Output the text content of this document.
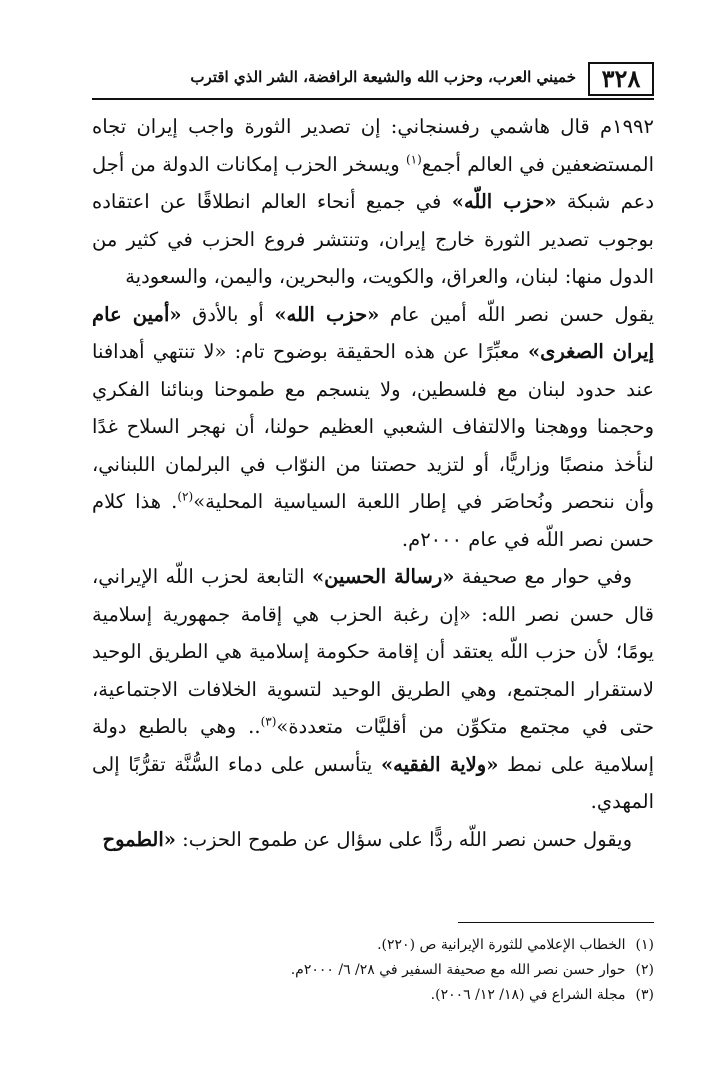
٣٢٨
خميني العرب، وحزب الله والشيعة الرافضة، الشر الذي اقترب

١٩٩٢م قال هاشمي رفسنجاني: إن تصدير الثورة واجب إيران تجاه المستضعفين في العالم أجمع$^{(١)}$ ويسخر الحزب إمكانات الدولة من أجل دعم شبكة «حزب اللّه» في جميع أنحاء العالم انطلاقًا عن اعتقاده بوجوب تصدير الثورة خارج إيران، وتنتشر فروع الحزب في كثير من الدول منها: لبنان، والعراق، والكويت، والبحرين، واليمن، والسعودية

يقول حسن نصر اللّه أمين عام «حزب الله» أو بالأدق «أمين عام إيران الصغرى» معبِّرًا عن هذه الحقيقة بوضوح تام: «لا تنتهي أهدافنا عند حدود لبنان مع فلسطين، ولا ينسجم مع طموحنا وبنائنا الفكري وحجمنا ووهجنا والالتفاف الشعبي العظيم حولنا، أن نهجر السلاح غدًا لنأخذ منصبًا وزاريًّا، أو لتزيد حصتنا من النوّاب في البرلمان اللبناني، وأن ننحصر ونُحاصَر في إطار اللعبة السياسية المحلية»$^{(٢)}$. هذا كلام حسن نصر اللّه في عام ٢٠٠٠م.

وفي حوار مع صحيفة «رسالة الحسين» التابعة لحزب اللّه الإيراني، قال حسن نصر الله: «إن رغبة الحزب هي إقامة جمهورية إسلامية يومًا؛ لأن حزب اللّه يعتقد أن إقامة حكومة إسلامية هي الطريق الوحيد لاستقرار المجتمع، وهي الطريق الوحيد لتسوية الخلافات الاجتماعية، حتى في مجتمع متكوِّن من أقليَّات متعددة»$^{(٣)}$.. وهي بالطبع دولة إسلامية على نمط «ولاية الفقيه» يتأسس على دماء السُّنَّة تقرُّبًا إلى المهدي.

ويقول حسن نصر اللّه ردًّا على سؤال عن طموح الحزب: «الطموح

(١) الخطاب الإعلامي للثورة الإيرانية ص (٢٢٠).

(٢) حوار حسن نصر الله مع صحيفة السفير في ٢٨/ ٦/ ٢٠٠٠م.

(٣) مجلة الشراع في (١٨/ ١٢/ ٢٠٠٦).
